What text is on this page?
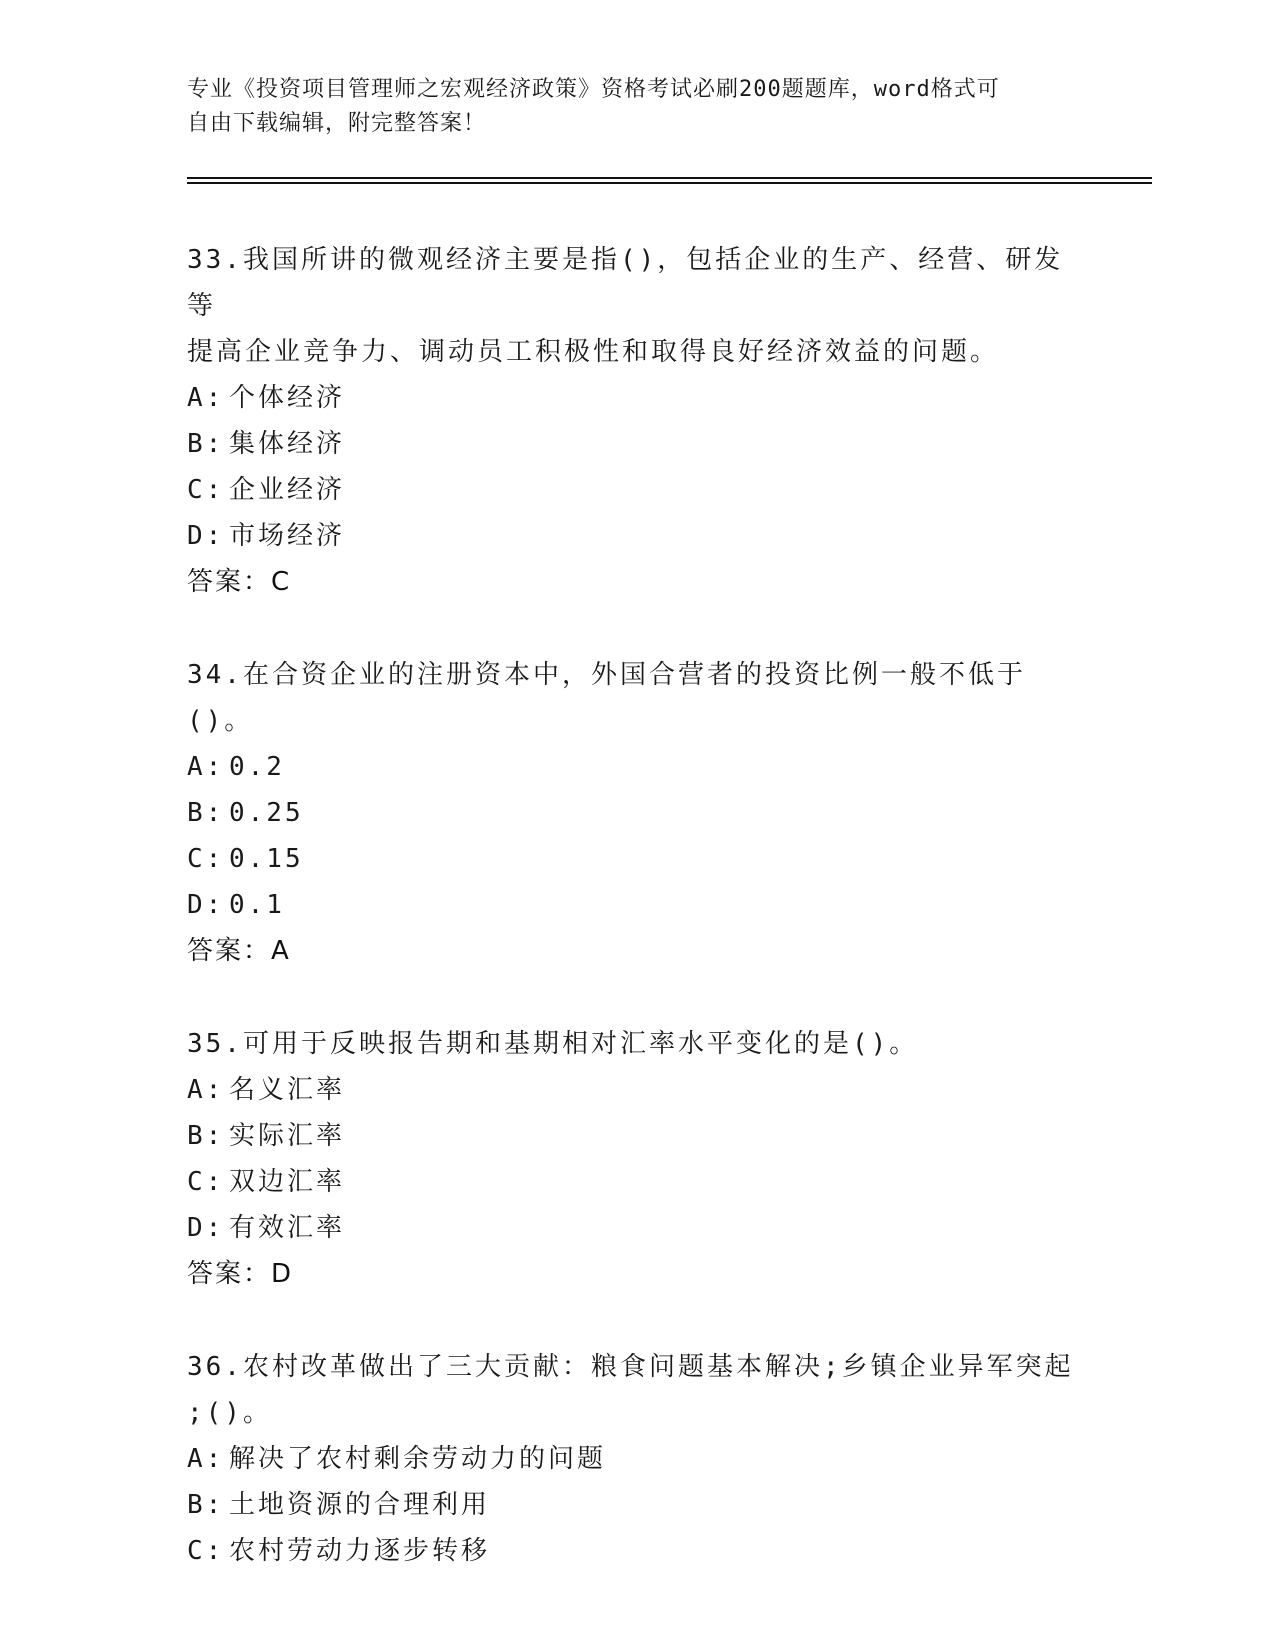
专业《投资项目管理师之宏观经济政策》资格考试必刷200题题库，word格式可
自由下载编辑，附完整答案！
33.我国所讲的微观经济主要是指()，包括企业的生产、经营、研发等
提高企业竞争力、调动员工积极性和取得良好经济效益的问题。
A: 个体经济
B: 集体经济
C: 企业经济
D: 市场经济
答案：C
34.在合资企业的注册资本中，外国合营者的投资比例一般不低于()。
A: 0.2
B: 0.25
C: 0.15
D: 0.1
答案：A
35.可用于反映报告期和基期相对汇率水平变化的是()。
A: 名义汇率
B: 实际汇率
C: 双边汇率
D: 有效汇率
答案：D
36.农村改革做出了三大贡献：粮食问题基本解决;乡镇企业异军突起
;()。
A: 解决了农村剩余劳动力的问题
B: 土地资源的合理利用
C: 农村劳动力逐步转移
